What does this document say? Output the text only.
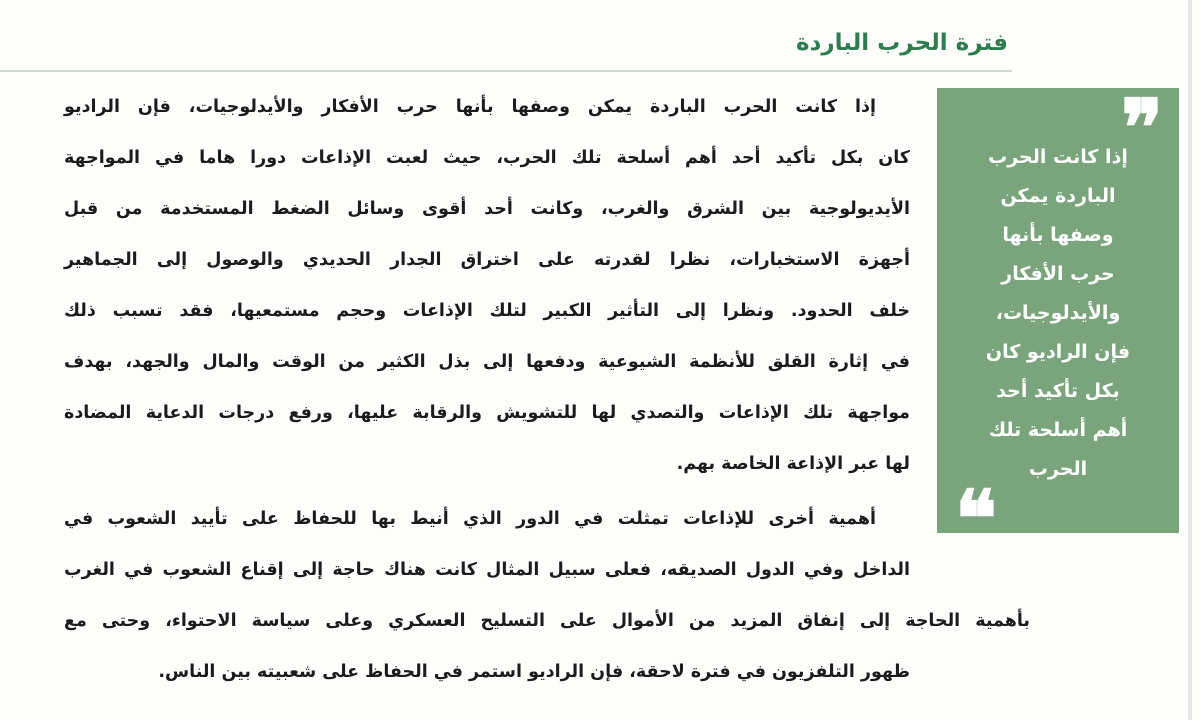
فترة الحرب الباردة
❞
إذا كانت الحرب
الباردة يمكن
وصفها بأنها
حرب الأفكار
والأيدلوجيات،
فإن الراديو كان
بكل تأكيد أحد
أهم أسلحة تلك
الحرب
❝
إذا كانت الحرب الباردة يمكن وصفها بأنها حرب الأفكار والأيدلوجيات، فإن الراديو
كان بكل تأكيد أحد أهم أسلحة تلك الحرب، حيث لعبت الإذاعات دورا هاما في المواجهة
الأيديولوجية بين الشرق والغرب، وكانت أحد أقوى وسائل الضغط المستخدمة من قبل
أجهزة الاستخبارات، نظرا لقدرته على اختراق الجدار الحديدي والوصول إلى الجماهير
خلف الحدود. ونظرا إلى التأثير الكبير لتلك الإذاعات وحجم مستمعيها، فقد تسبب ذلك
في إثارة القلق للأنظمة الشيوعية ودفعها إلى بذل الكثير من الوقت والمال والجهد، بهدف
مواجهة تلك الإذاعات والتصدي لها للتشويش والرقابة عليها، ورفع درجات الدعاية المضادة
لها عبر الإذاعة الخاصة بهم.
أهمية أخرى للإذاعات تمثلت في الدور الذي أنيط بها للحفاظ على تأييد الشعوب في
الداخل وفي الدول الصديقه، فعلى سبيل المثال كانت هناك حاجة إلى إقناع الشعوب في الغرب
بأهمية الحاجة إلى إنفاق المزيد من الأموال على التسليح العسكري وعلى سياسة الاحتواء، وحتى مع
ظهور التلفزيون في فترة لاحقة، فإن الراديو استمر في الحفاظ على شعبيته بين الناس.
